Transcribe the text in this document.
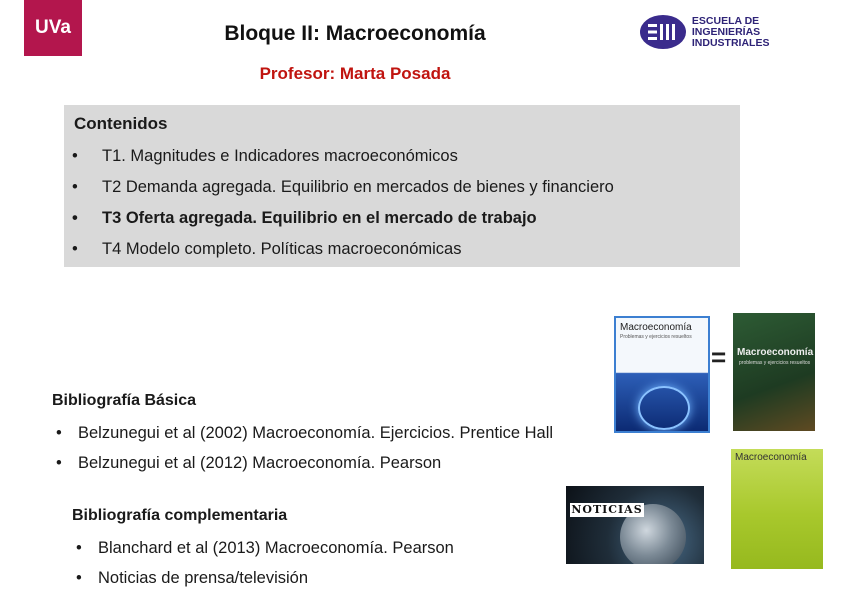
UVa	Bloque II: Macroeconomía
Profesor: Marta Posada
ESCUELA DE INGENIERÍAS
INDUSTRIALES
Contenidos
• T1. Magnitudes e Indicadores macroeconómicos
• T2 Demanda agregada. Equilibrio en mercados de bienes y financiero
• T3 Oferta agregada. Equilibrio en el mercado de trabajo
• T4 Modelo completo. Políticas macroeconómicas
Macroeconomía
Problemas y ejercicios resueltos
= Macroeconomía
problemas y ejercicios resueltos
Bibliografía Básica
• Belzunegui et al (2002) Macroeconomía. Ejercicios. Prentice Hall
• Belzunegui et al (2012) Macroeconomía. Pearson	Macroeconomía
NOTICIAS
Bibliografía complementaria
• Blanchard et al (2013) Macroeconomía. Pearson
• Noticias de prensa/televisión
